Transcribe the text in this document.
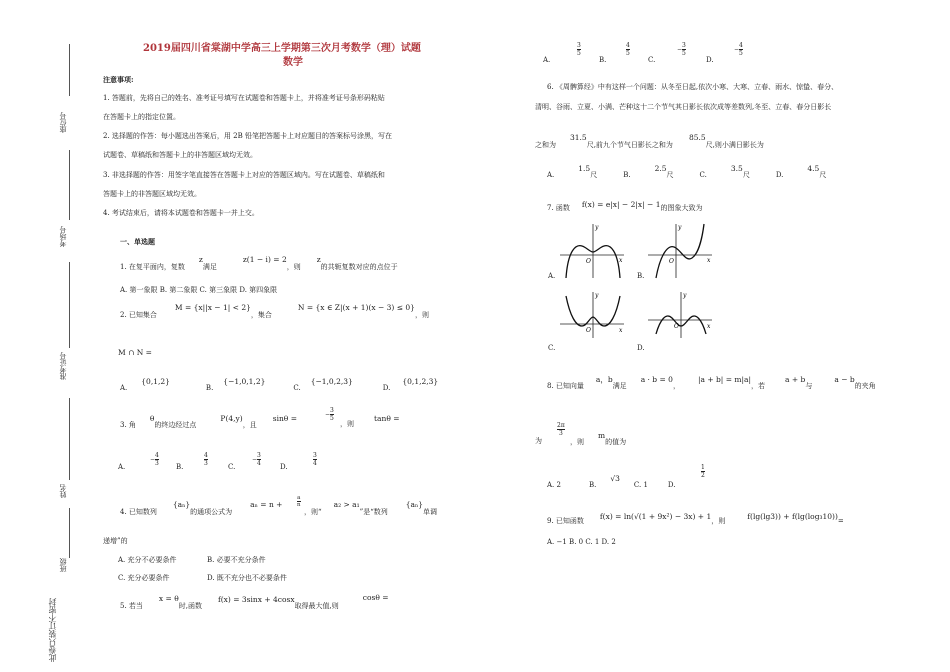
座位号
考场号
准考证号
姓名
班级
此卷只装订不密封
2019届四川省棠湖中学高三上学期第三次月考数学（理）试题
数学
注意事项:
1. 答题前，先将自己的姓名、准考证号填写在试题卷和答题卡上，并将准考证号条形码粘贴
在答题卡上的指定位置。
2. 选择题的作答：每小题选出答案后，用 2B 铅笔把答题卡上对应题目的答案标号涂黑，写在
试题卷、草稿纸和答题卡上的非答题区域均无效。
3. 非选择题的作答：用签字笔直接答在答题卡上对应的答题区域内。写在试题卷、草稿纸和
答题卡上的非答题区域均无效。
4. 考试结束后，请将本试题卷和答题卡一并上交。
一、单选题
1. 在复平面内，复数z满足z(1 − i) = 2，则z的共轭复数对应的点位于
A. 第一象限 B. 第二象限 C. 第三象限 D. 第四象限
2. 已知集合M = {x||x − 1| < 2}，集合N = {x ∈ Z|(x + 1)(x − 3) ≤ 0}，则
M ∩ N =
A.{0,1,2}B.{−1,0,1,2}C.{−1,0,2,3}D.{0,1,2,3}
3. 角θ的终边经过点P(4,y)，且sinθ =	− $\frac{3}{5}$
，则
tanθ =
A.
− $\frac{4}{3} B$.	$\frac{4}{3}$	C.
− $\frac{3}{4}$	D.	$\frac{3}{4}$
4. 已知数列{aₙ}的通项公式为aₙ = n +
a
n
，则“a₂ > a₁”是“数列{aₙ}单调
递增”的
A. 充分不必要条件	B. 必要不充分条件
C. 充分必要条件	D. 既不充分也不必要条件
5. 若当x = θ时,函数f(x) = 3sinx + 4cosx取得最大值,则cosθ =
A.
$\frac{3}{5}$
B.
$\frac{4}{5}$
C.
− $\frac{3}{5}$
D.
− $\frac{4}{5}$
6. 《周髀算经》中有这样一个问题：从冬至日起,依次小寒、大寒、立春、雨水、惊蛰、春分、
清明、谷雨、立夏、小满、芒种这十二个节气其日影长依次成等差数列,冬至、立春、春分日影长
之和为31.5尺,前九个节气日影长之和为85.5尺,则小满日影长为
A.1.5尺	B.2.5尺	C.3.5尺	D.4.5尺
7. 函数 f(x) = e|x| − 2|x| − 1的图象大致为
x
y
O
A.
x
y
O
B.
x
y
O
C.
x
y
O
D.
8. 已知向量a，b满足a · b = 0，|a + b| = m|a|，若a + b与a − b的夹角
为
2π
3
，则m的值为
A. 2	B.√3C. 1	D.
1
2
9. 已知函数 f(x) = ln(√(1 + 9x²) − 3x) + 1，则	f(lg(lg3)) + f(lg(log₃10))=
A. −1 B. 0 C. 1 D. 2
